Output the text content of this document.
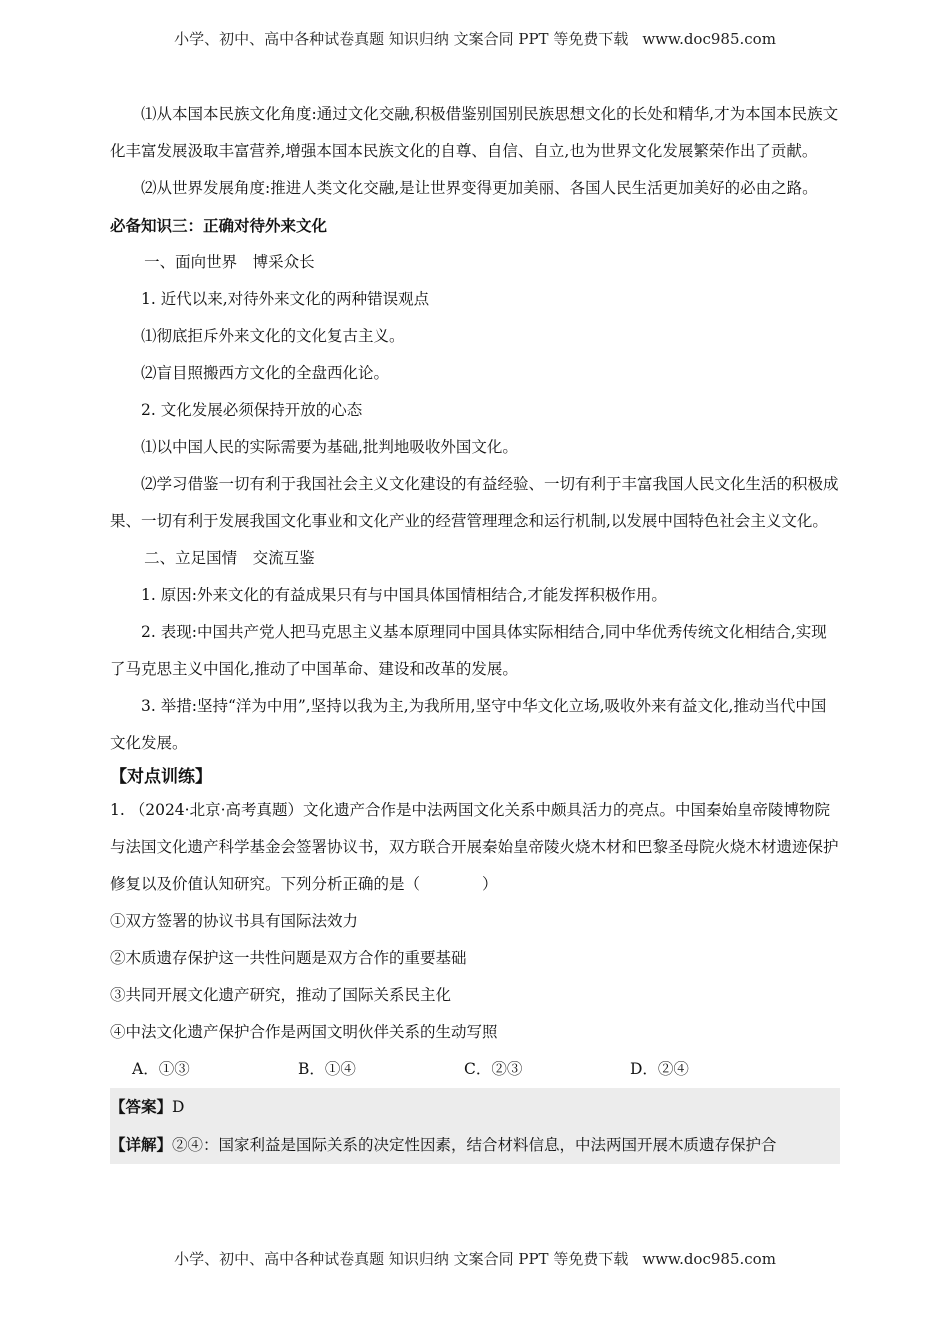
小学、初中、高中各种试卷真题 知识归纳 文案合同 PPT 等免费下载 www.doc985.com

⑴从本国本民族文化角度:通过文化交融,积极借鉴别国别民族思想文化的长处和精华,才为本国本民族文化丰富发展汲取丰富营养,增强本国本民族文化的自尊、自信、自立,也为世界文化发展繁荣作出了贡献。

⑵从世界发展角度:推进人类文化交融,是让世界变得更加美丽、各国人民生活更加美好的必由之路。

必备知识三：正确对待外来文化

一、面向世界　博采众长

1. 近代以来,对待外来文化的两种错误观点

⑴彻底拒斥外来文化的文化复古主义。

⑵盲目照搬西方文化的全盘西化论。

2. 文化发展必须保持开放的心态

⑴以中国人民的实际需要为基础,批判地吸收外国文化。

⑵学习借鉴一切有利于我国社会主义文化建设的有益经验、一切有利于丰富我国人民文化生活的积极成果、一切有利于发展我国文化事业和文化产业的经营管理理念和运行机制,以发展中国特色社会主义文化。

二、立足国情　交流互鉴

1. 原因:外来文化的有益成果只有与中国具体国情相结合,才能发挥积极作用。

2. 表现:中国共产党人把马克思主义基本原理同中国具体实际相结合,同中华优秀传统文化相结合,实现了马克思主义中国化,推动了中国革命、建设和改革的发展。

3. 举措:坚持“洋为中用”,坚持以我为主,为我所用,坚守中华文化立场,吸收外来有益文化,推动当代中国文化发展。

【对点训练】

1. （2024·北京·高考真题）文化遗产合作是中法两国文化关系中颇具活力的亮点。中国秦始皇帝陵博物院与法国文化遗产科学基金会签署协议书，双方联合开展秦始皇帝陵火烧木材和巴黎圣母院火烧木材遗迹保护修复以及价值认知研究。下列分析正确的是（　　　　）

①双方签署的协议书具有国际法效力

②木质遗存保护这一共性问题是双方合作的重要基础

③共同开展文化遗产研究，推动了国际关系民主化

④中法文化遗产保护合作是两国文明伙伴关系的生动写照

A．①③	B．①④	C．②③	D．②④

【答案】D

【详解】②④：国家利益是国际关系的决定性因素，结合材料信息，中法两国开展木质遗存保护合

小学、初中、高中各种试卷真题 知识归纳 文案合同 PPT 等免费下载 www.doc985.com
